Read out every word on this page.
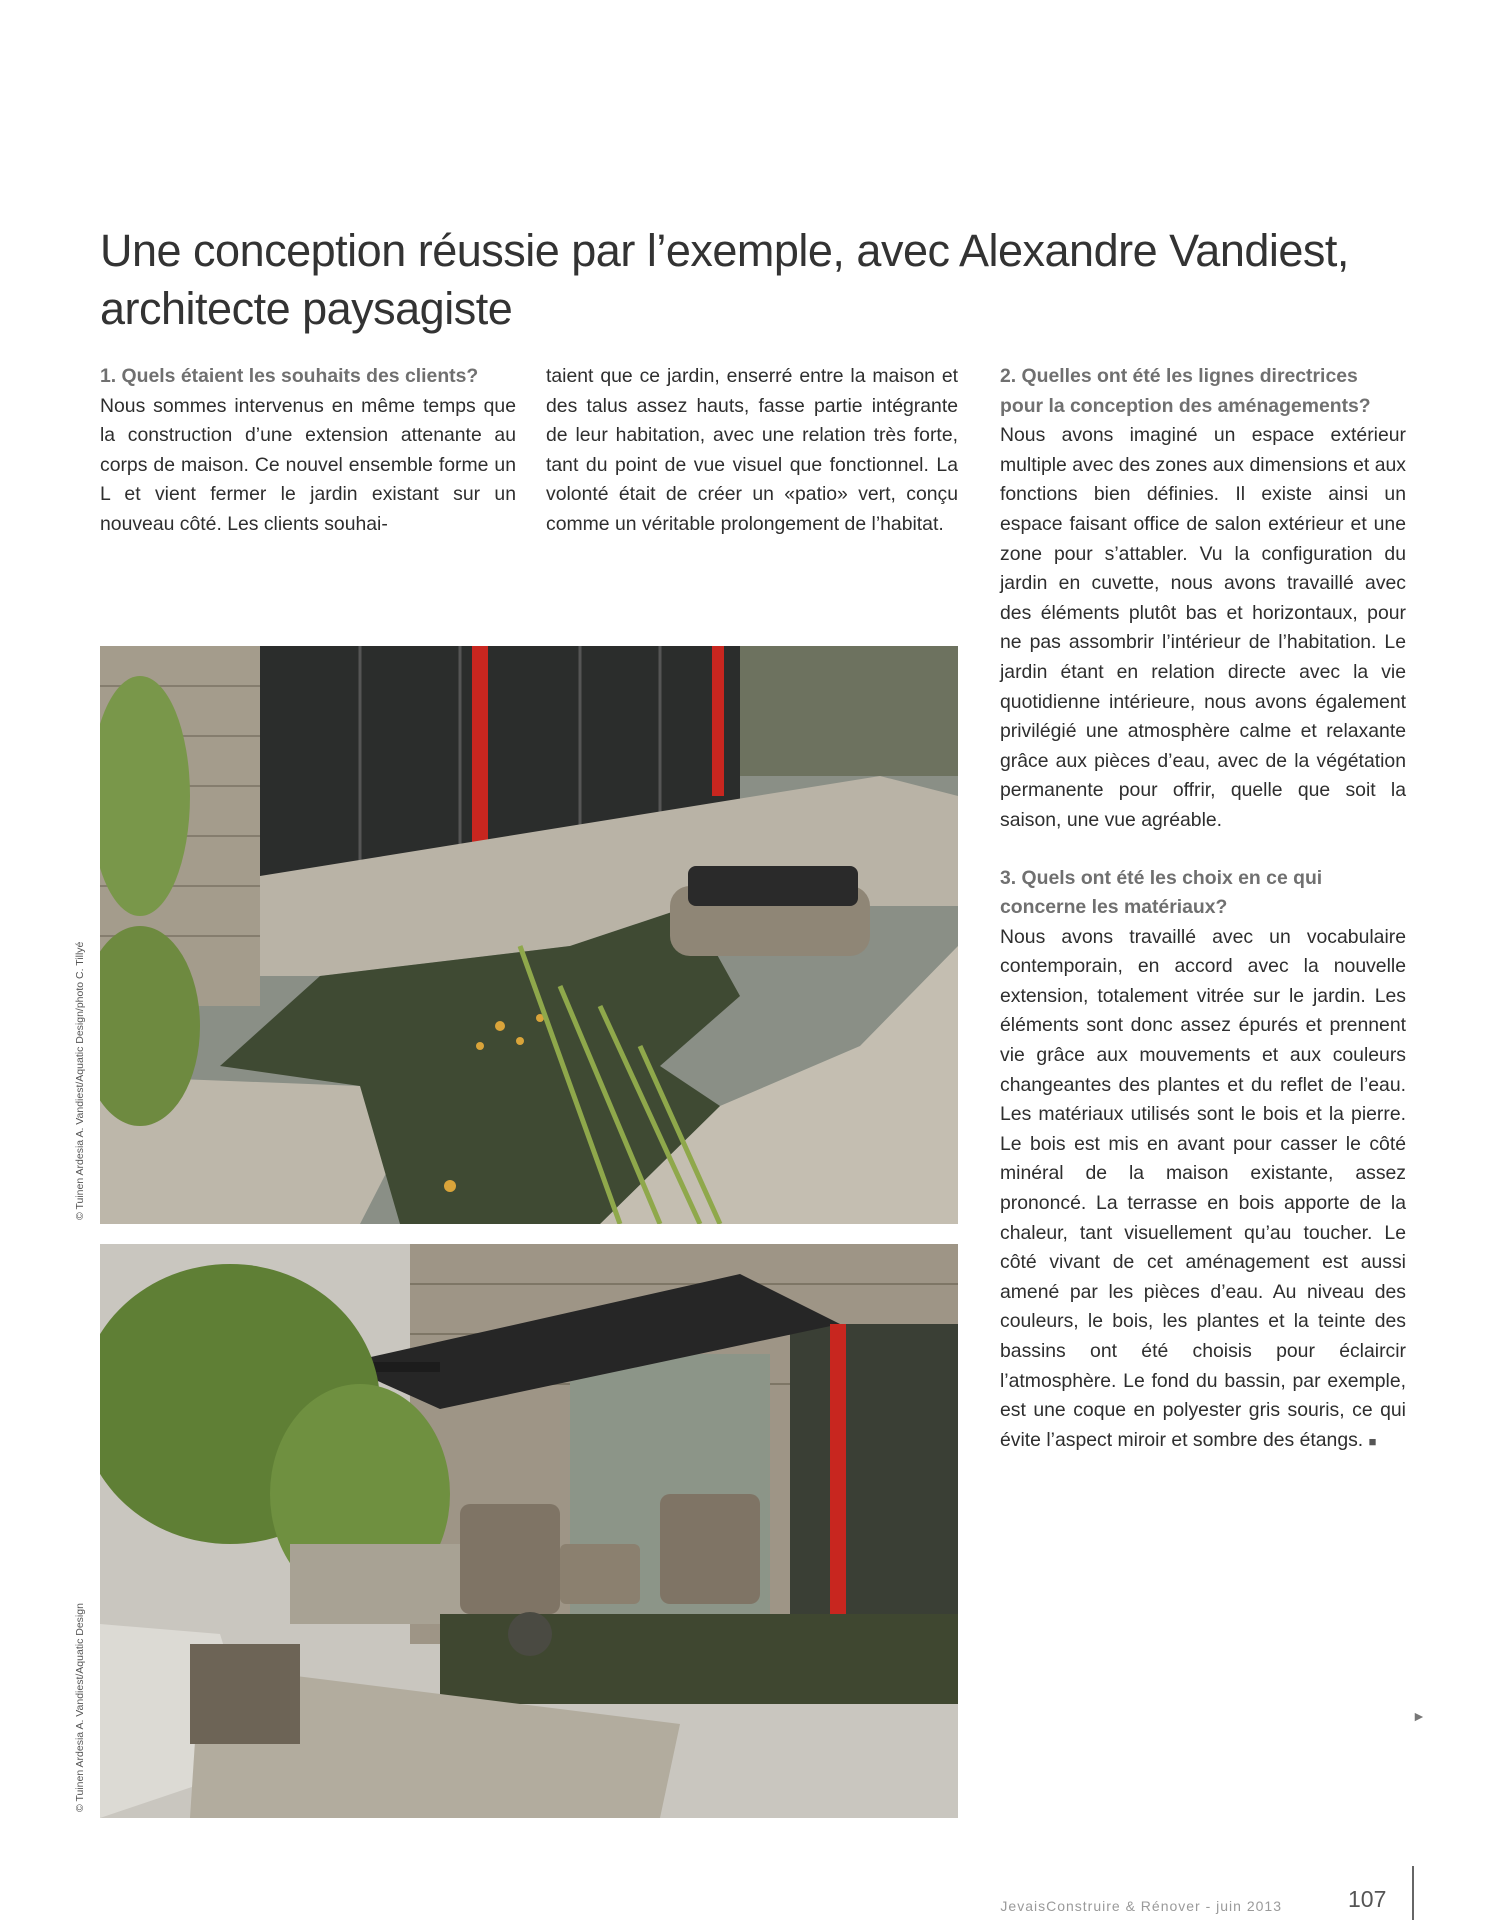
Une conception réussie par l’exemple, avec Alexandre Vandiest, architecte paysagiste
1. Quels étaient les souhaits des clients?

Nous sommes intervenus en même temps que la construction d’une extension attenante au corps de maison. Ce nouvel ensemble forme un L et vient fermer le jardin existant sur un nouveau côté. Les clients souhai-

taient que ce jardin, enserré entre la maison et des talus assez hauts, fasse partie intégrante de leur habitation, avec une relation très forte, tant du point de vue visuel que fonctionnel. La volonté était de créer un «patio» vert, conçu comme un véritable prolongement de l’habitat.

2. Quelles ont été les lignes directrices pour la conception des aménagements?

Nous avons imaginé un espace extérieur multiple avec des zones aux dimensions et aux fonctions bien définies. Il existe ainsi un espace faisant office de salon extérieur et une zone pour s’attabler. Vu la configuration du jardin en cuvette, nous avons travaillé avec des éléments plutôt bas et horizontaux, pour ne pas assombrir l’intérieur de l’habitation. Le jardin étant en relation directe avec la vie quotidienne intérieure, nous avons également privilégié une atmosphère calme et relaxante grâce aux pièces d’eau, avec de la végétation permanente pour offrir, quelle que soit la saison, une vue agréable.

3. Quels ont été les choix en ce qui concerne les matériaux?

Nous avons travaillé avec un vocabulaire contemporain, en accord avec la nouvelle extension, totalement vitrée sur le jardin. Les éléments sont donc assez épurés et prennent vie grâce aux mouvements et aux couleurs changeantes des plantes et du reflet de l’eau. Les matériaux utilisés sont le bois et la pierre. Le bois est mis en avant pour casser le côté minéral de la maison existante, assez prononcé. La terrasse en bois apporte de la chaleur, tant visuellement qu’au toucher. Le côté vivant de cet aménagement est aussi amené par les pièces d’eau. Au niveau des couleurs, le bois, les plantes et la teinte des bassins ont été choisis pour éclaircir l’atmosphère. Le fond du bassin, par exemple, est une coque en polyester gris souris, ce qui évite l’aspect miroir et sombre des étangs. ■

© Tuinen Ardesia A. Vandiest/Aquatic Design/photo C. Tillyé
© Tuinen Ardesia A. Vandiest/Aquatic Design	►
JevaisConstruire & Rénover - juin 2013	107
